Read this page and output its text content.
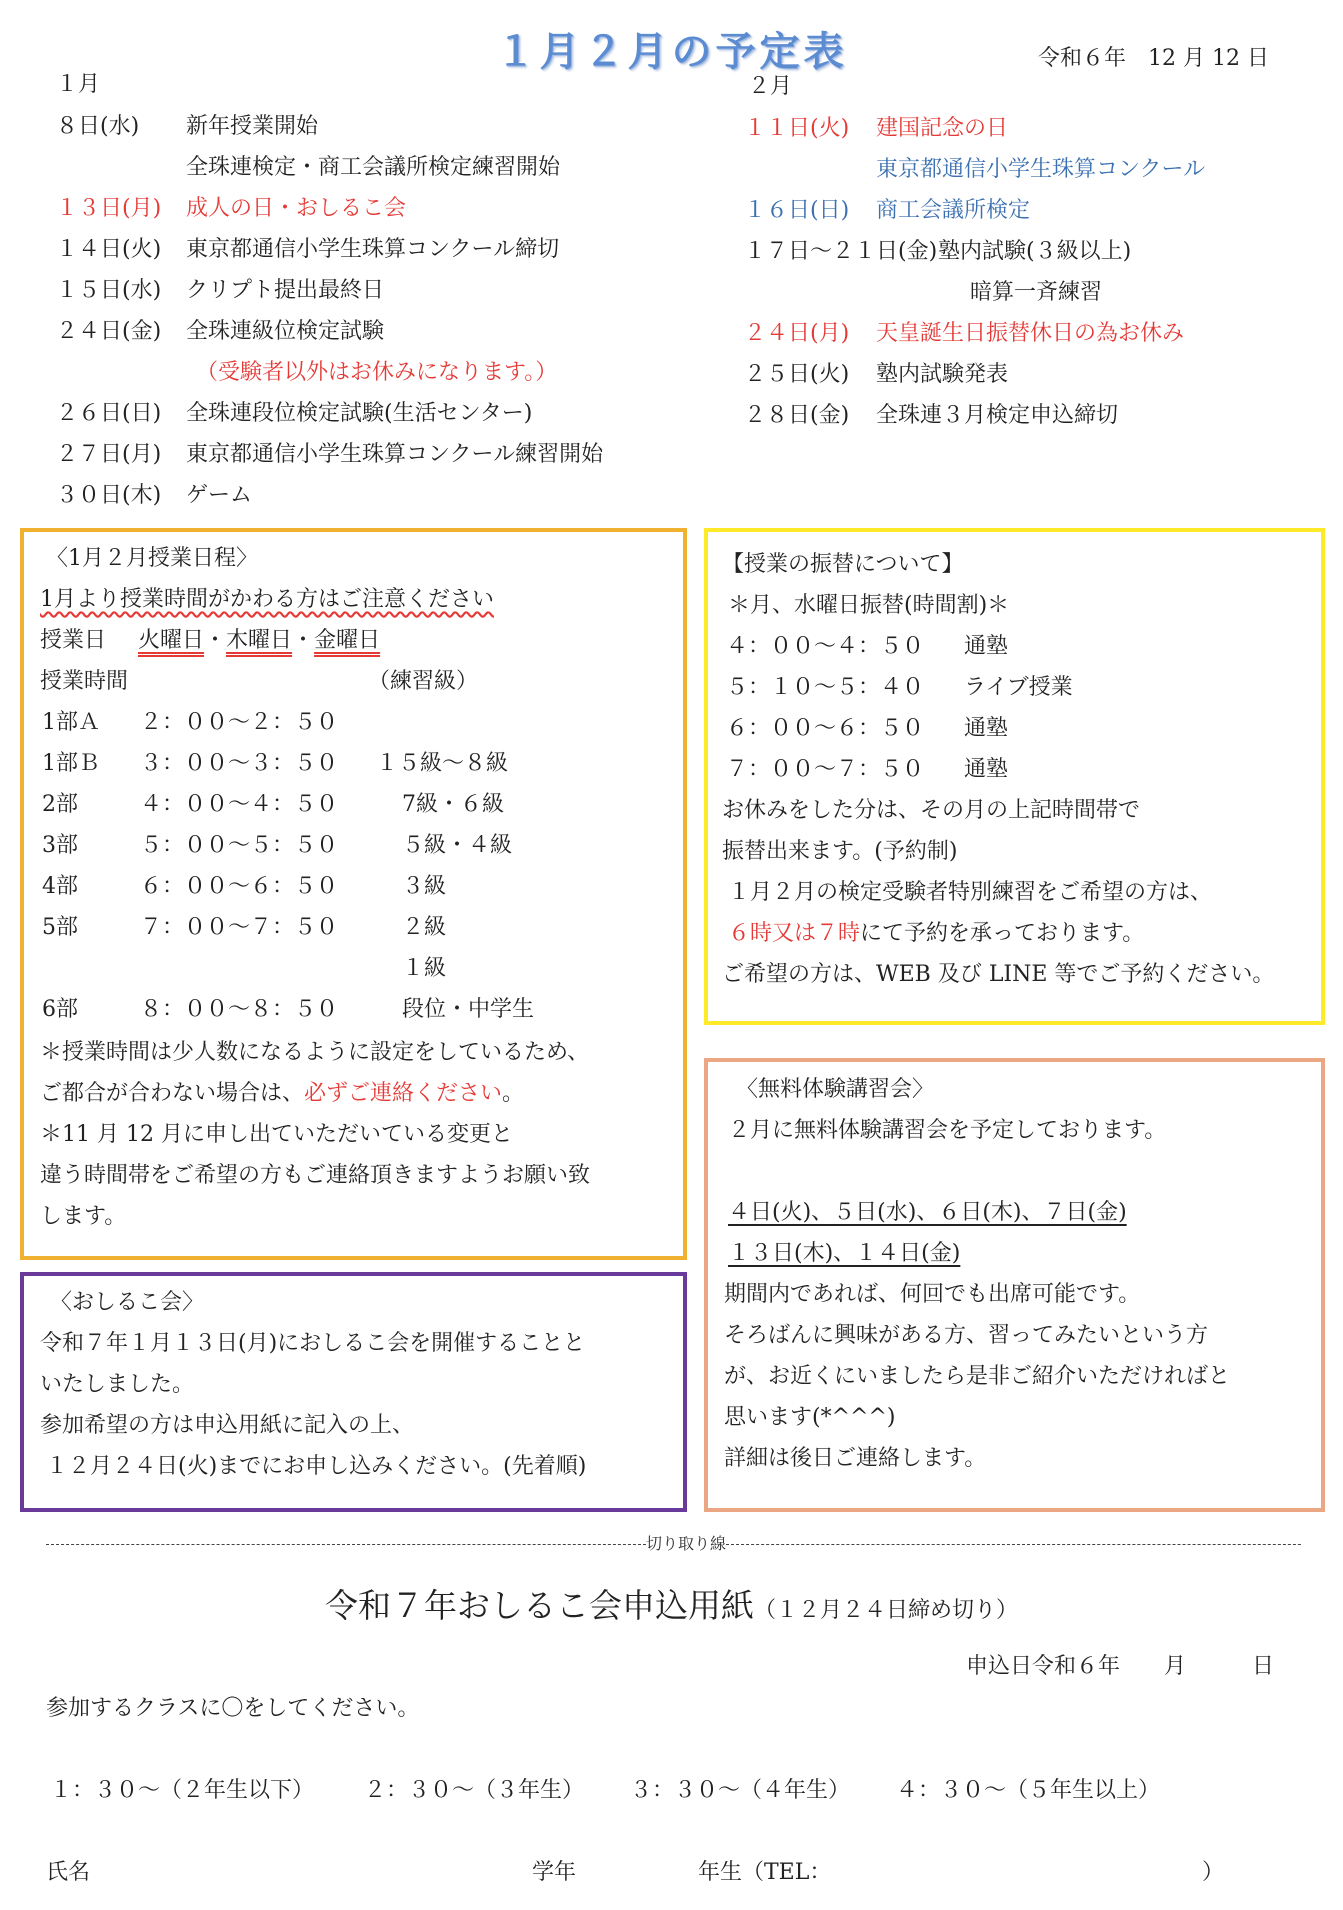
１月２月の予定表	令和６年　12 月 12 日
１月
８日(水) 新年授業開始
全珠連検定・商工会議所検定練習開始
１３日(月) 成人の日・おしるこ会
１４日(火) 東京都通信小学生珠算コンクール締切
１５日(水) クリプト提出最終日
２４日(金) 全珠連級位検定試験
（受験者以外はお休みになります。）
２６日(日) 全珠連段位検定試験(生活センター)
２７日(月) 東京都通信小学生珠算コンクール練習開始
３０日(木) ゲーム
２月
１１日(火) 建国記念の日
東京都通信小学生珠算コンクール
１６日(日) 商工会議所検定
１７日～２１日(金) 塾内試験(３級以上)
暗算一斉練習
２４日(月) 天皇誕生日振替休日の為お休み
２５日(火) 塾内試験発表
２８日(金) 全珠連３月検定申込締切
〈1月２月授業日程〉
1月より授業時間がかわる方はご注意ください
授業日 火曜日・木曜日・金曜日
授業時間	（練習級）
1部Ａ ２：００～２：５０
1部Ｂ ３：００～３：５０ １５級～８級
2部	４：００～４：５０	7級・６級
3部	５：００～５：５０	５級・４級
4部	６：００～６：５０	３級
5部	７：００～７：５０	２級
１級
6部	８：００～８：５０	段位・中学生
＊授業時間は少人数になるように設定をしているため、
ご都合が合わない場合は、必ずご連絡ください。
＊11 月 12 月に申し出ていただいている変更と
違う時間帯をご希望の方もご連絡頂きますようお願い致
します。
【授業の振替について】
＊月、水曜日振替(時間割)＊
４：００～４：５０ 通塾
５：１０～５：４０ ライブ授業
６：００～６：５０ 通塾
７：００～７：５０ 通塾
お休みをした分は、その月の上記時間帯で
振替出来ます。(予約制)
１月２月の検定受験者特別練習をご希望の方は、
６時又は７時にて予約を承っております。
ご希望の方は、WEB 及び LINE 等でご予約ください。
〈無料体験講習会〉
２月に無料体験講習会を予定しております。
４日(火)、５日(水)、６日(木)、７日(金)
１３日(木)、１４日(金)
期間内であれば、何回でも出席可能です。
そろばんに興味がある方、習ってみたいという方
が、お近くにいましたら是非ご紹介いただければと
思います(*^^^)
詳細は後日ご連絡します。
〈おしるこ会〉
令和７年１月１３日(月)におしるこ会を開催することと
いたしました。
参加希望の方は申込用紙に記入の上、
１２月２４日(火)までにお申し込みください。(先着順)
切り取り線
令和７年おしるこ会申込用紙（１２月２４日締め切り）
申込日令和６年　　月　　　日
参加するクラスに〇をしてください。
１：３０～（２年生以下） ２：３０～（３年生） ３：３０～（４年生） ４：３０～（５年生以上）
氏名	学年	年生（TEL：	）
